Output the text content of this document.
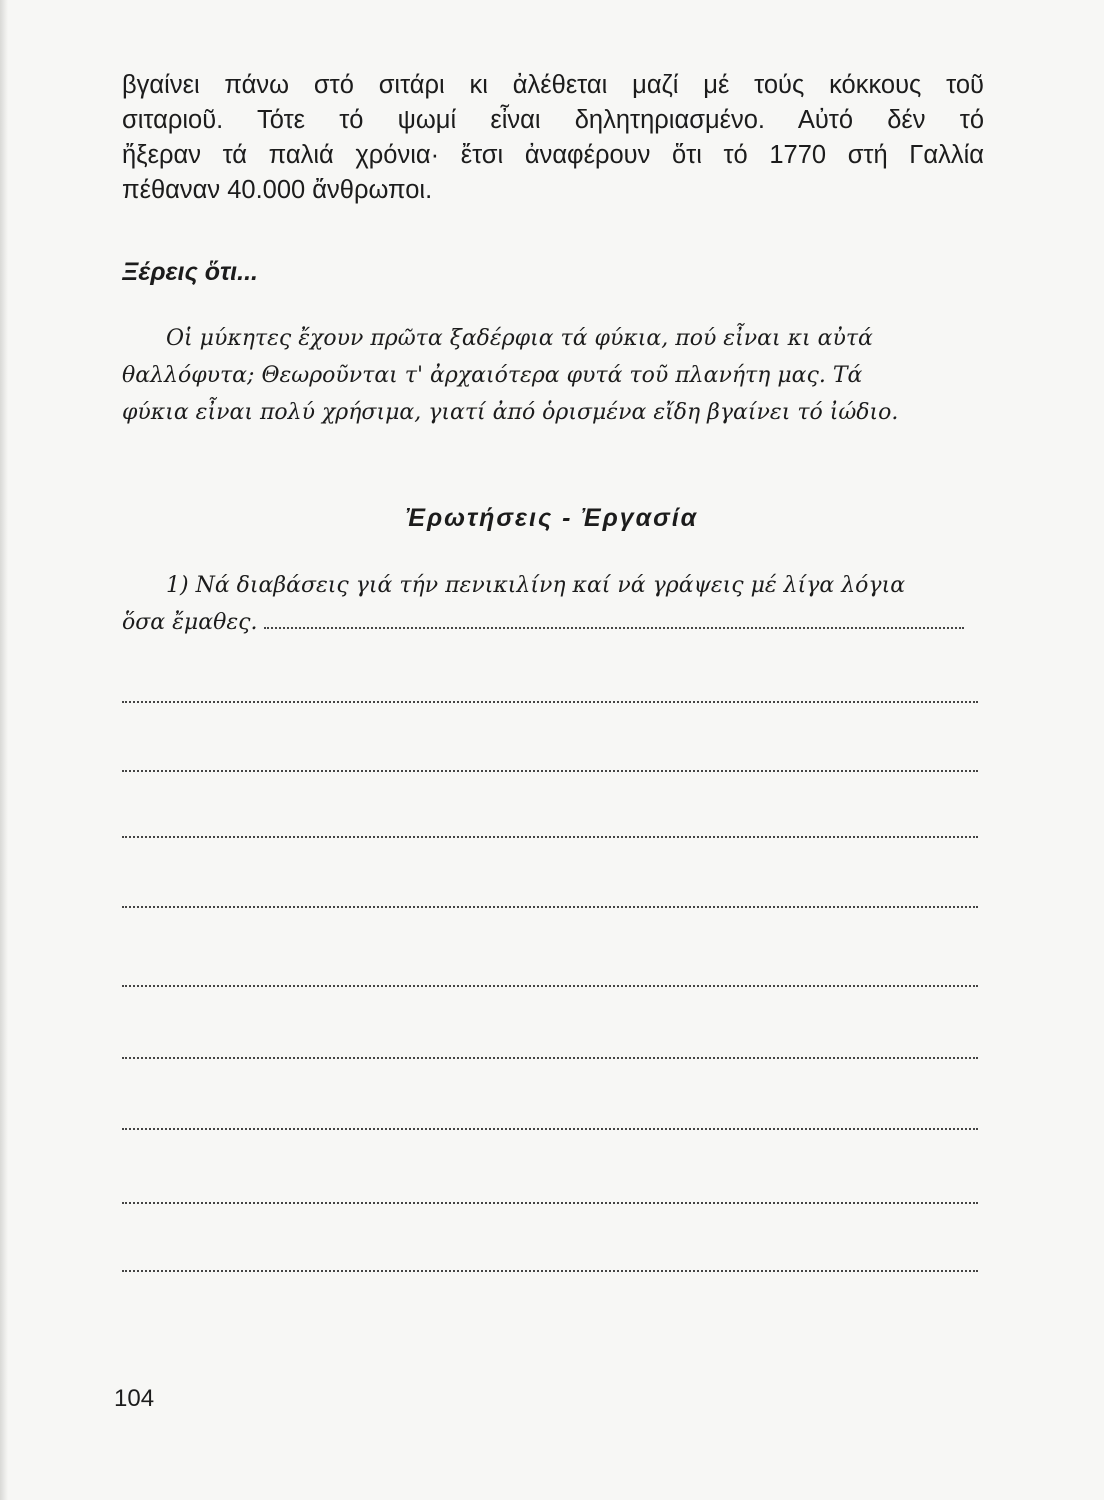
βγαίνει πάνω στό σιτάρι κι ἀλέθεται μαζί μέ τούς κόκκους τοῦ
σιταριοῦ. Τότε τό ψωμί εἶναι δηλητηριασμένο. Αὐτό δέν τό
ἤξεραν τά παλιά χρόνια· ἔτσι ἀναφέρουν ὅτι τό 1770 στή Γαλλία
πέθαναν 40.000 ἄνθρωποι.

Ξέρεις ὅτι...

Οἱ μύκητες ἔχουν πρῶτα ξαδέρφια τά φύκια, πού εἶναι κι αὐτά
θαλλόφυτα; Θεωροῦνται τ' ἀρχαιότερα φυτά τοῦ πλανήτη μας. Τά
φύκια εἶναι πολύ χρήσιμα, γιατί ἀπό ὁρισμένα εἴδη βγαίνει τό ἰώδιο.

Ἐρωτήσεις - Ἐργασία

1) Νά διαβάσεις γιά τήν πενικιλίνη καί νά γράψεις μέ λίγα λόγια
ὅσα ἔμαθες.

104
